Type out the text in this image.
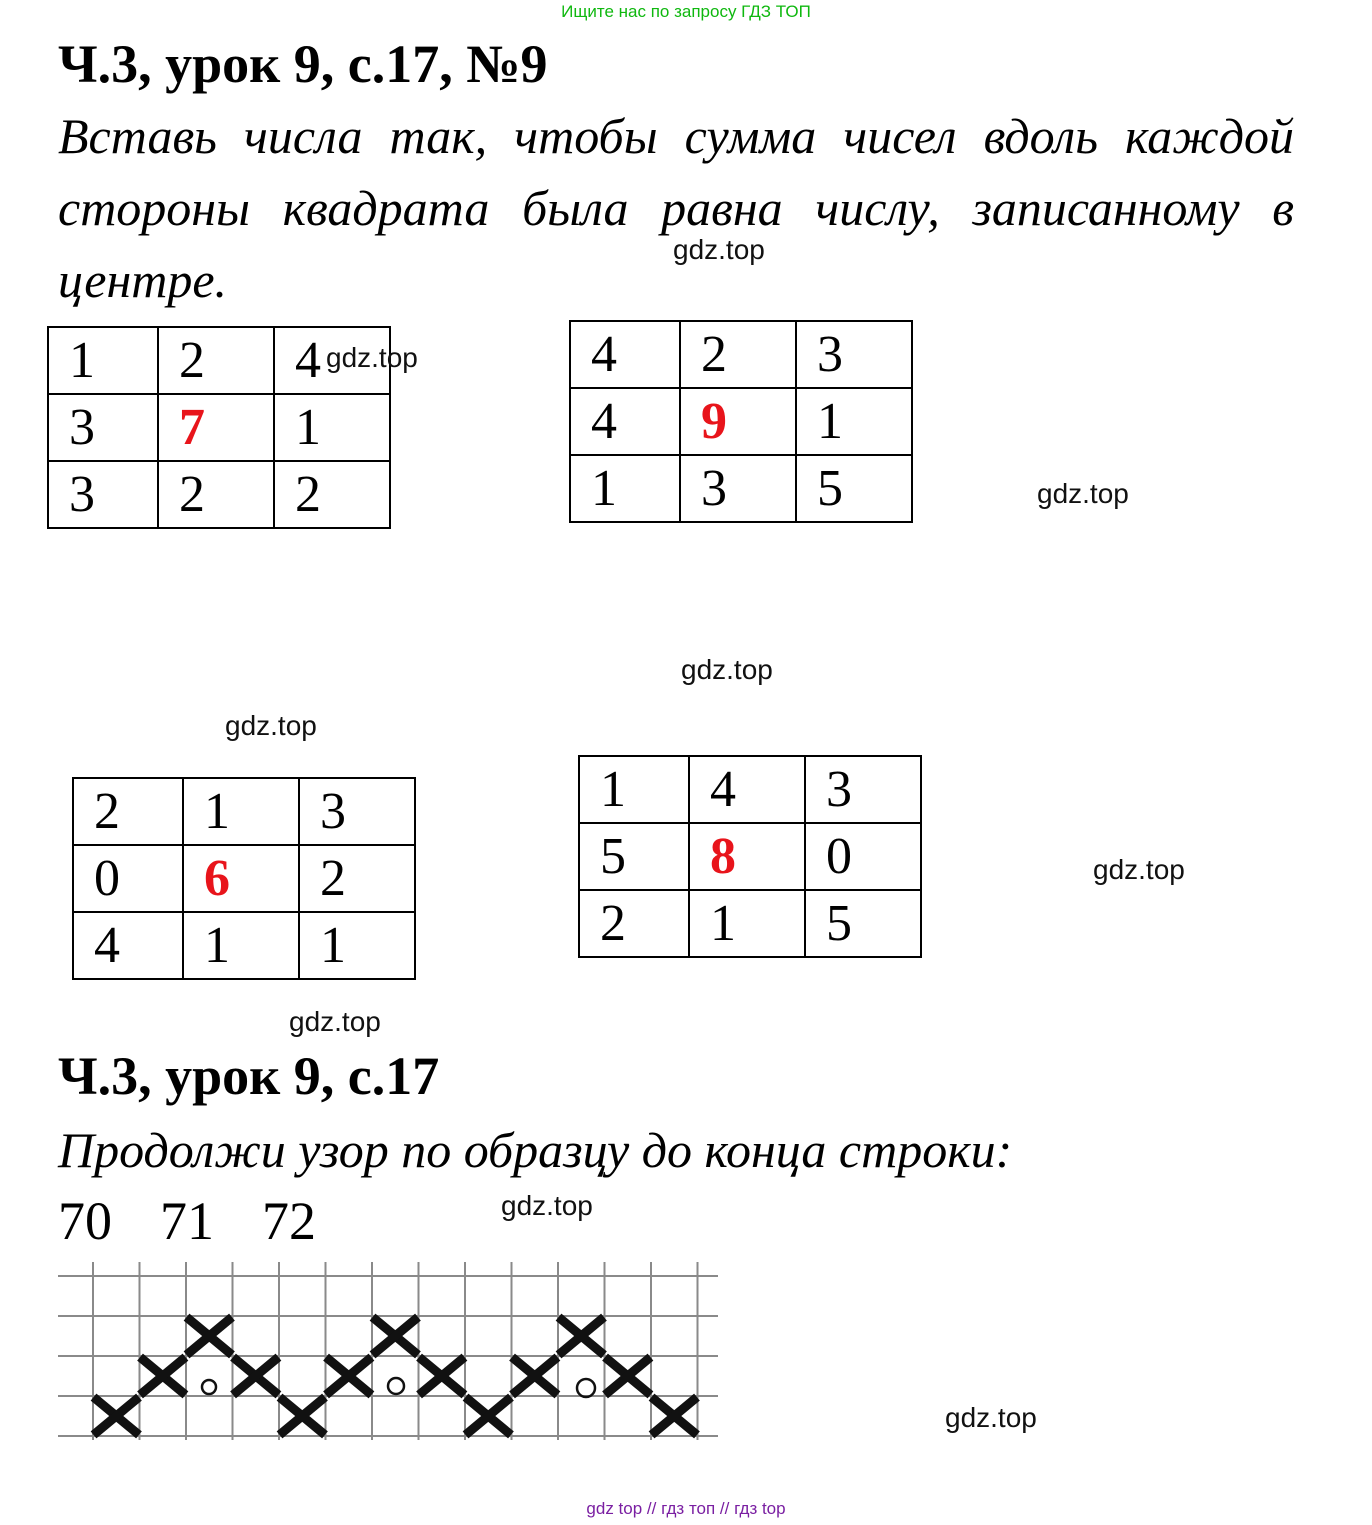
Ищите нас по запросу ГДЗ ТОП
Ч.3, урок 9, с.17, №9
Вставь числа так, чтобы сумма чисел вдоль каждой стороны квадрата была равна числу, записанному в центре.
1	2	4
3	7	1
3	2	2
4	2	3
4	9	1
1	3	5
2	1	3
0	6	2
4	1	1
1	4	3
5	8	0
2	1	5
gdz.top
gdz.top
gdz.top
gdz.top
gdz.top
gdz.top
gdz.top
gdz.top
gdz.top
Ч.3, урок 9, с.17
Продолжи узор по образцу до конца строки:
70 71 72
gdz top // гдз топ // гдз top
